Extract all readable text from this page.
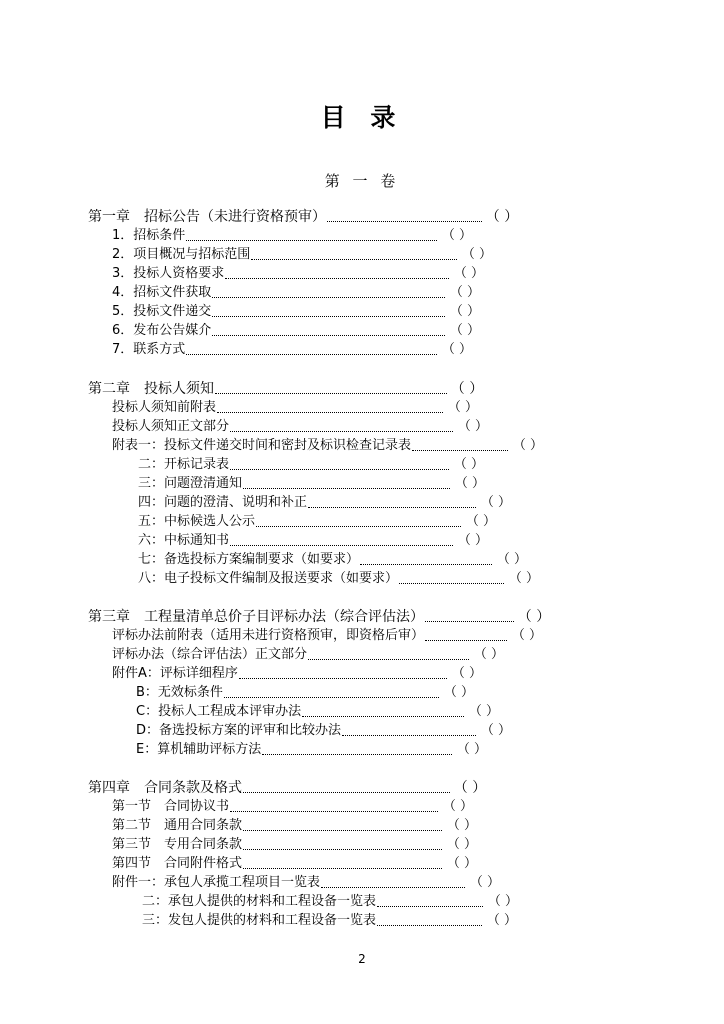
目 录
第 一 卷
第一章　招标公告（未进行资格预审）	（ ）
1．招标条件	（ ）
2．项目概况与招标范围	（ ）
3．投标人资格要求	（ ）
4．招标文件获取	（ ）
5．投标文件递交	（ ）
6．发布公告媒介	（ ）
7．联系方式	（ ）
第二章　投标人须知	（ ）
投标人须知前附表	（ ）
投标人须知正文部分	（ ）
附表一：投标文件递交时间和密封及标识检查记录表	（ ）
二：开标记录表	（ ）
三：问题澄清通知	（ ）
四：问题的澄清、说明和补正	（ ）
五：中标候选人公示	（ ）
六：中标通知书	（ ）
七：备选投标方案编制要求（如要求）	（ ）
八：电子投标文件编制及报送要求（如要求）	（ ）
第三章　工程量清单总价子目评标办法（综合评估法）	（ ）
评标办法前附表（适用未进行资格预审，即资格后审）	（ ）
评标办法（综合评估法）正文部分	（ ）
附件A：评标详细程序	（ ）
B：无效标条件	（ ）
C：投标人工程成本评审办法	（ ）
D：备选投标方案的评审和比较办法	（ ）
E：算机辅助评标方法	（ ）
第四章　合同条款及格式	（ ）
第一节　合同协议书	（ ）
第二节　通用合同条款	（ ）
第三节　专用合同条款	（ ）
第四节　合同附件格式	（ ）
附件一：承包人承揽工程项目一览表	（ ）
二：承包人提供的材料和工程设备一览表	（ ）
三：发包人提供的材料和工程设备一览表	（ ）
2
